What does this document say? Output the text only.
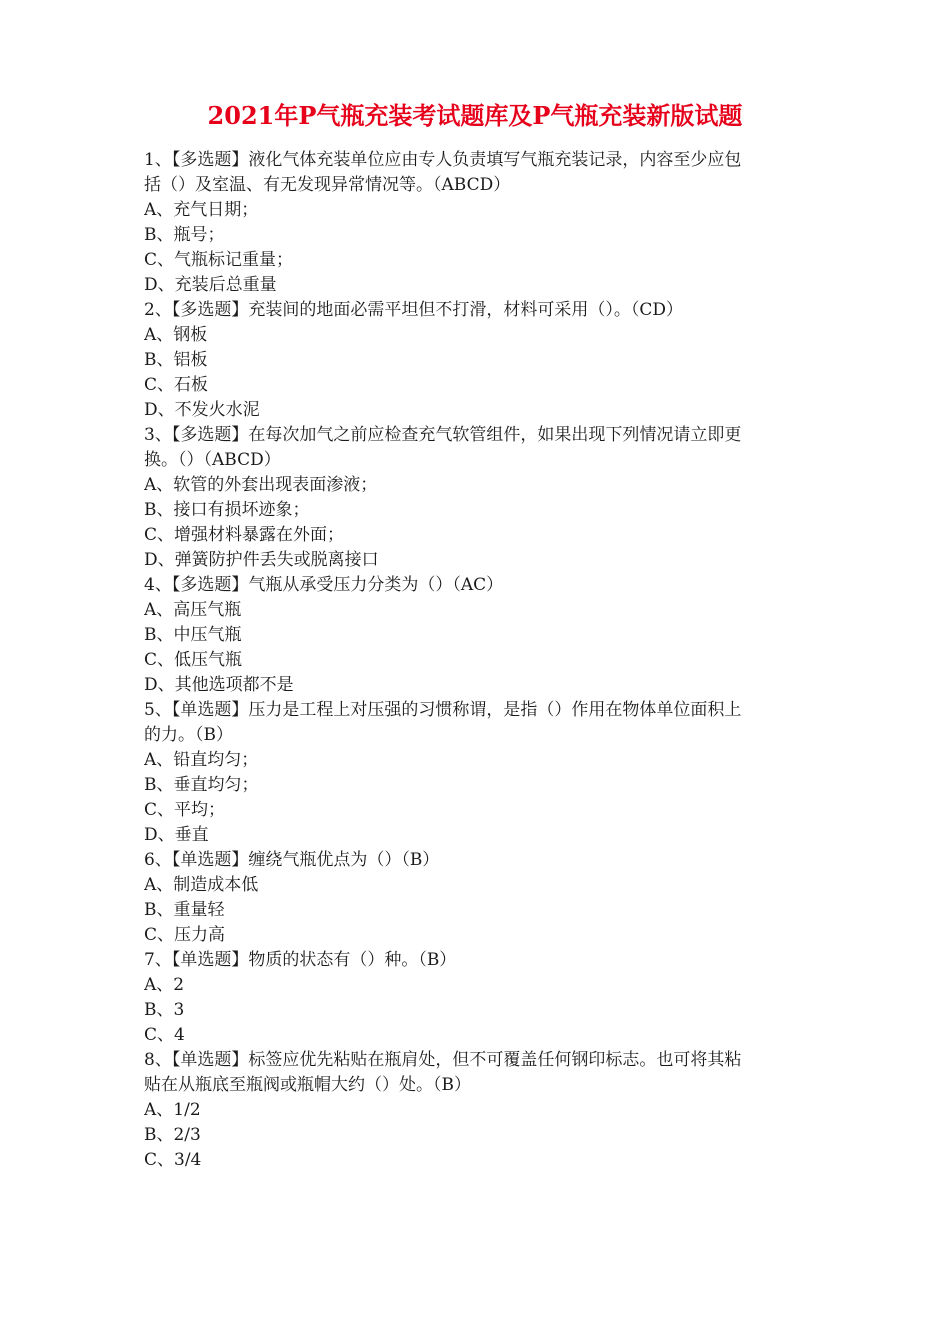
2021年P气瓶充装考试题库及P气瓶充装新版试题
1、【多选题】液化气体充装单位应由专人负责填写气瓶充装记录，内容至少应包
括（）及室温、有无发现异常情况等。（ABCD）
A、充气日期；
B、瓶号；
C、气瓶标记重量；
D、充装后总重量
2、【多选题】充装间的地面必需平坦但不打滑，材料可采用（）。（CD）
A、钢板
B、铝板
C、石板
D、不发火水泥
3、【多选题】在每次加气之前应检查充气软管组件，如果出现下列情况请立即更
换。（）（ABCD）
A、软管的外套出现表面渗液；
B、接口有损坏迹象；
C、增强材料暴露在外面；
D、弹簧防护件丢失或脱离接口
4、【多选题】气瓶从承受压力分类为（）（AC）
A、高压气瓶
B、中压气瓶
C、低压气瓶
D、其他选项都不是
5、【单选题】压力是工程上对压强的习惯称谓，是指（）作用在物体单位面积上
的力。（B）
A、铅直均匀；
B、垂直均匀；
C、平均；
D、垂直
6、【单选题】缠绕气瓶优点为（）（B）
A、制造成本低
B、重量轻
C、压力高
7、【单选题】物质的状态有（）种。（B）
A、2
B、3
C、4
8、【单选题】标签应优先粘贴在瓶肩处，但不可覆盖任何钢印标志。也可将其粘
贴在从瓶底至瓶阀或瓶帽大约（）处。（B）
A、1/2
B、2/3
C、3/4
